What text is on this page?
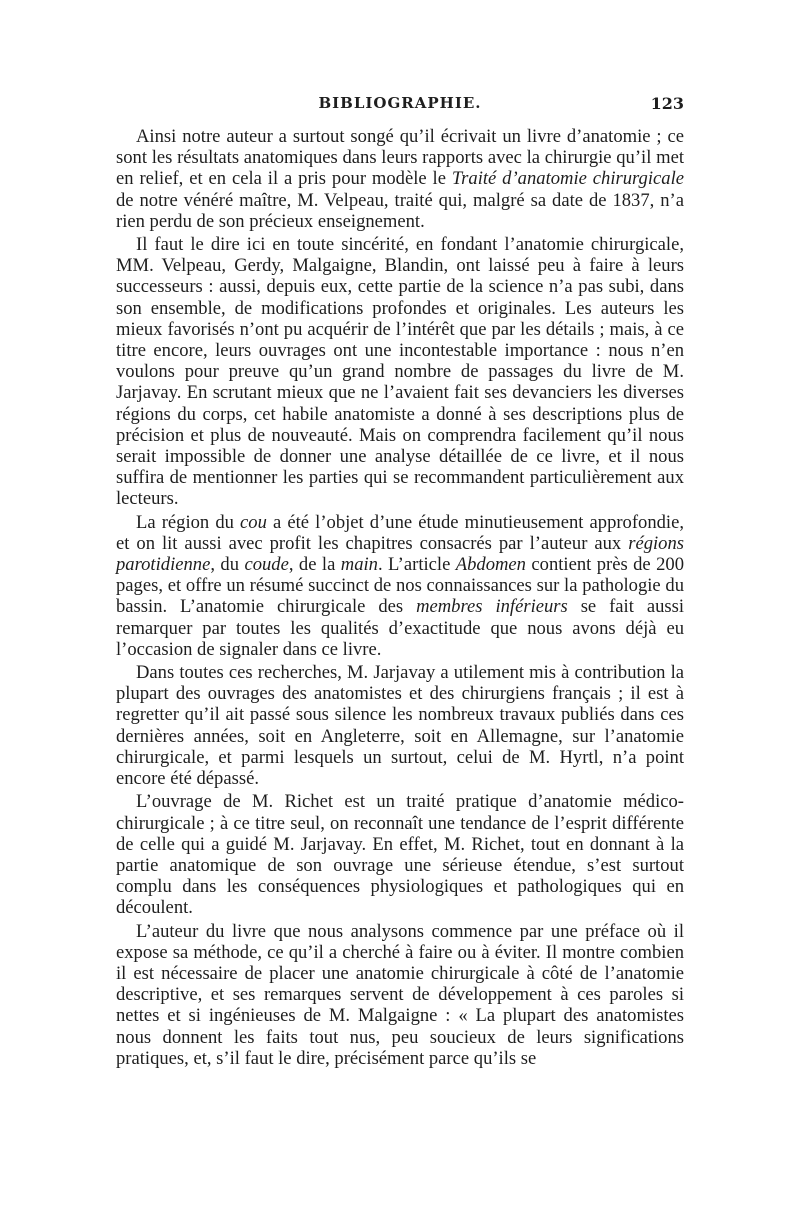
BIBLIOGRAPHIE.	123

Ainsi notre auteur a surtout songé qu’il écrivait un livre d’anatomie ; ce sont les résultats anatomiques dans leurs rapports avec la chirurgie qu’il met en relief, et en cela il a pris pour modèle le Traité d’anatomie chirurgicale de notre vénéré maître, M. Velpeau, traité qui, malgré sa date de 1837, n’a rien perdu de son précieux enseignement.

Il faut le dire ici en toute sincérité, en fondant l’anatomie chirurgicale, MM. Velpeau, Gerdy, Malgaigne, Blandin, ont laissé peu à faire à leurs successeurs : aussi, depuis eux, cette partie de la science n’a pas subi, dans son ensemble, de modifications profondes et originales. Les auteurs les mieux favorisés n’ont pu acquérir de l’intérêt que par les détails ; mais, à ce titre encore, leurs ouvrages ont une incontestable importance : nous n’en voulons pour preuve qu’un grand nombre de passages du livre de M. Jarjavay. En scrutant mieux que ne l’avaient fait ses devanciers les diverses régions du corps, cet habile anatomiste a donné à ses descriptions plus de précision et plus de nouveauté. Mais on comprendra facilement qu’il nous serait impossible de donner une analyse détaillée de ce livre, et il nous suffira de mentionner les parties qui se recommandent particulièrement aux lecteurs.

La région du cou a été l’objet d’une étude minutieusement approfondie, et on lit aussi avec profit les chapitres consacrés par l’auteur aux régions parotidienne, du coude, de la main. L’article Abdomen contient près de 200 pages, et offre un résumé succinct de nos connaissances sur la pathologie du bassin. L’anatomie chirurgicale des membres inférieurs se fait aussi remarquer par toutes les qualités d’exactitude que nous avons déjà eu l’occasion de signaler dans ce livre.

Dans toutes ces recherches, M. Jarjavay a utilement mis à contribution la plupart des ouvrages des anatomistes et des chirurgiens français ; il est à regretter qu’il ait passé sous silence les nombreux travaux publiés dans ces dernières années, soit en Angleterre, soit en Allemagne, sur l’anatomie chirurgicale, et parmi lesquels un surtout, celui de M. Hyrtl, n’a point encore été dépassé.

L’ouvrage de M. Richet est un traité pratique d’anatomie médico-chirurgicale ; à ce titre seul, on reconnaît une tendance de l’esprit différente de celle qui a guidé M. Jarjavay. En effet, M. Richet, tout en donnant à la partie anatomique de son ouvrage une sérieuse étendue, s’est surtout complu dans les conséquences physiologiques et pathologiques qui en découlent.

L’auteur du livre que nous analysons commence par une préface où il expose sa méthode, ce qu’il a cherché à faire ou à éviter. Il montre combien il est nécessaire de placer une anatomie chirurgicale à côté de l’anatomie descriptive, et ses remarques servent de développement à ces paroles si nettes et si ingénieuses de M. Malgaigne : « La plupart des anatomistes nous donnent les faits tout nus, peu soucieux de leurs significations pratiques, et, s’il faut le dire, précisément parce qu’ils se
